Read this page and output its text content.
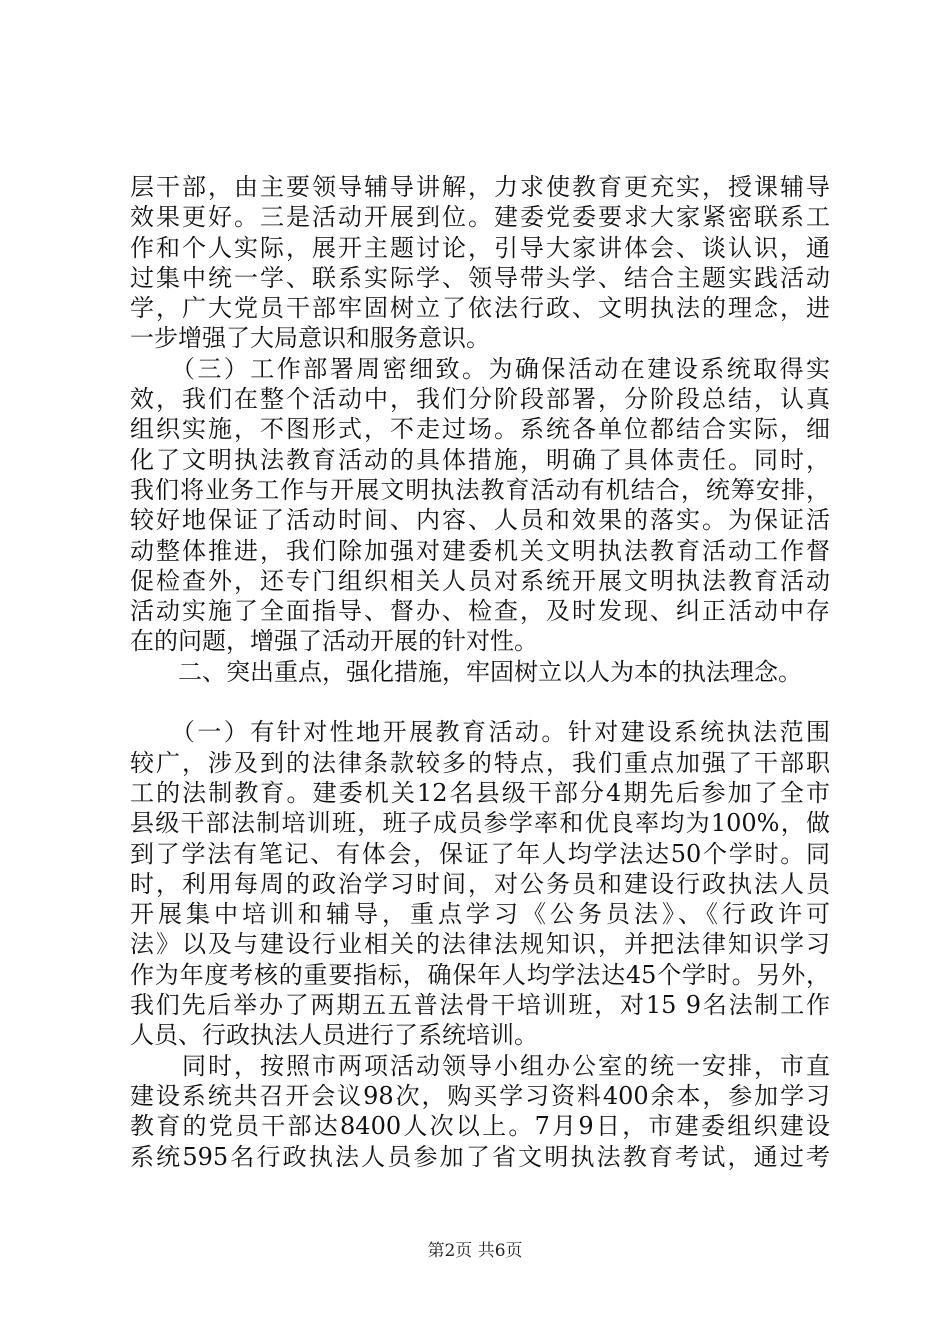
层干部，由主要领导辅导讲解，力求使教育更充实，授课辅导
效果更好。三是活动开展到位。建委党委要求大家紧密联系工
作和个人实际，展开主题讨论，引导大家讲体会、谈认识，通
过集中统一学、联系实际学、领导带头学、结合主题实践活动
学，广大党员干部牢固树立了依法行政、文明执法的理念，进
一步增强了大局意识和服务意识。
　　（三）工作部署周密细致。为确保活动在建设系统取得实
效，我们在整个活动中，我们分阶段部署，分阶段总结，认真
组织实施，不图形式，不走过场。系统各单位都结合实际，细
化了文明执法教育活动的具体措施，明确了具体责任。同时，
我们将业务工作与开展文明执法教育活动有机结合，统筹安排，
较好地保证了活动时间、内容、人员和效果的落实。为保证活
动整体推进，我们除加强对建委机关文明执法教育活动工作督
促检查外，还专门组织相关人员对系统开展文明执法教育活动
活动实施了全面指导、督办、检查，及时发现、纠正活动中存
在的问题，增强了活动开展的针对性。
　　二、突出重点，强化措施，牢固树立以人为本的执法理念。
　　（一）有针对性地开展教育活动。针对建设系统执法范围
较广，涉及到的法律条款较多的特点，我们重点加强了干部职
工的法制教育。建委机关12名县级干部分4期先后参加了全市
县级干部法制培训班，班子成员参学率和优良率均为100%，做
到了学法有笔记、有体会，保证了年人均学法达50个学时。同
时，利用每周的政治学习时间，对公务员和建设行政执法人员
开展集中培训和辅导，重点学习《公务员法》、《行政许可
法》以及与建设行业相关的法律法规知识，并把法律知识学习
作为年度考核的重要指标，确保年人均学法达45个学时。另外，
我们先后举办了两期五五普法骨干培训班，对15 9名法制工作
人员、行政执法人员进行了系统培训。
　　同时，按照市两项活动领导小组办公室的统一安排，市直
建设系统共召开会议98次，购买学习资料400余本，参加学习
教育的党员干部达8400人次以上。7月9日，市建委组织建设
系统595名行政执法人员参加了省文明执法教育考试，通过考
第2页 共6页
